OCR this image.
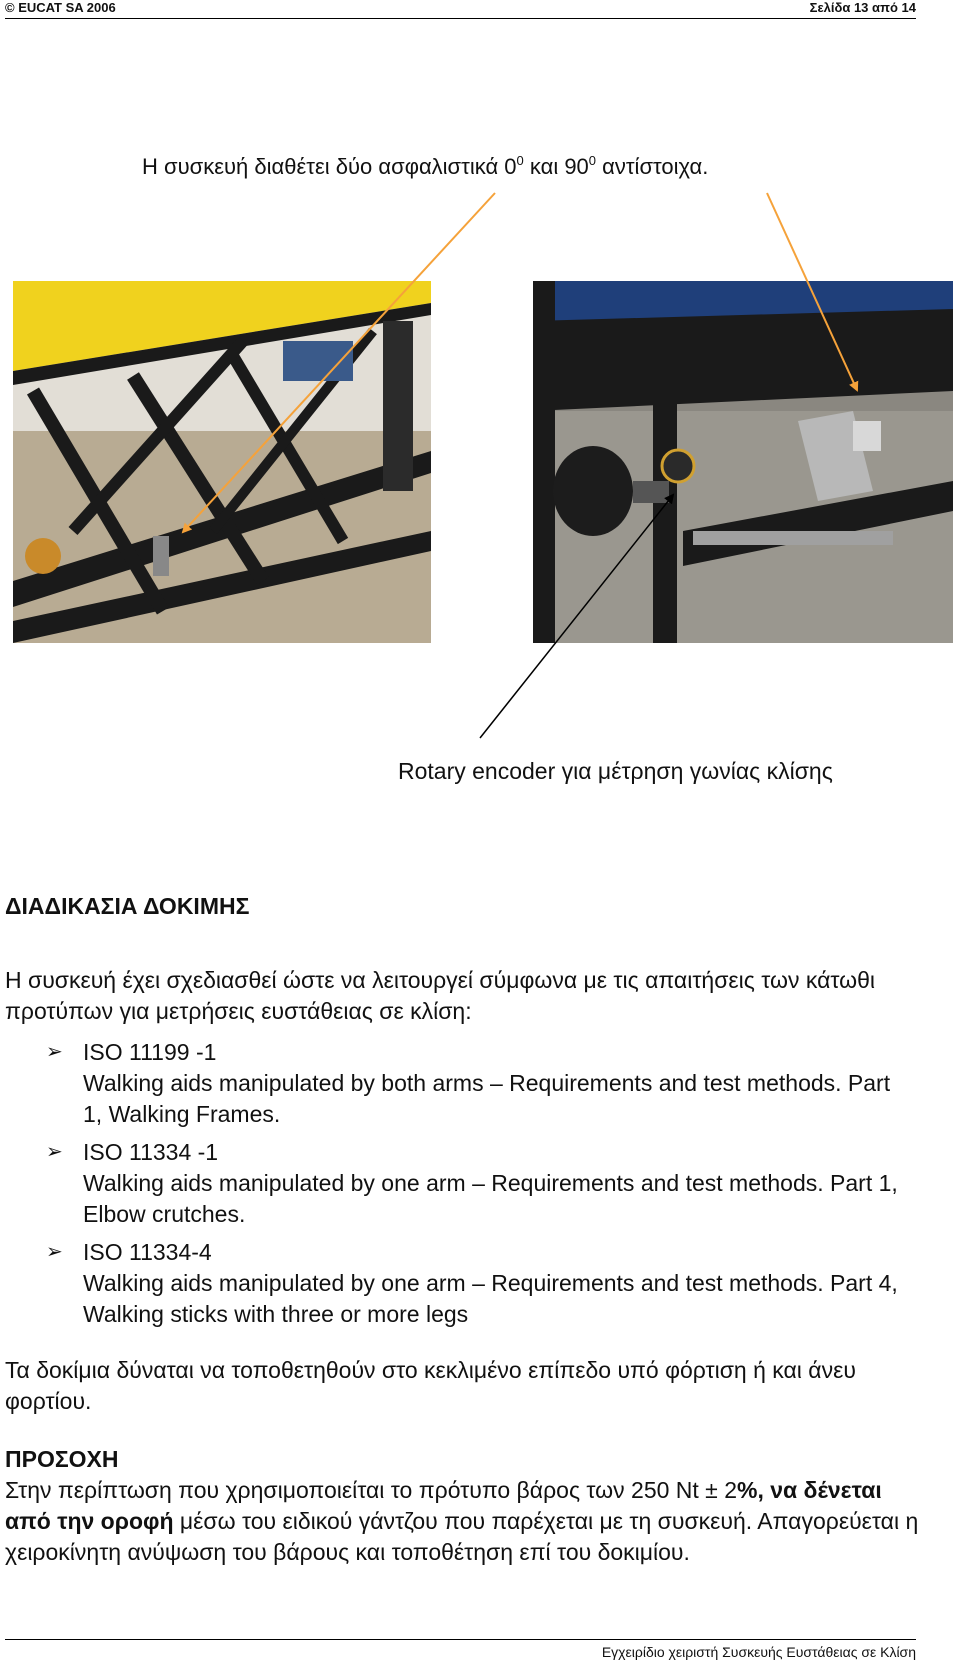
© EUCAT SA 2006	Σελίδα 13 από 14
Η συσκευή διαθέτει δύο ασφαλιστικά $0^0$ και $90^0$ αντίστοιχα.
Rotary encoder για μέτρηση γωνίας κλίσης
ΔΙΑΔΙΚΑΣΙΑ ΔΟΚΙΜΗΣ
Η συσκευή έχει σχεδιασθεί ώστε να λειτουργεί σύμφωνα με τις απαιτήσεις των κάτωθι προτύπων για μετρήσεις ευστάθειας σε κλίση:
➢ ISO 11199 -1
Walking aids manipulated by both arms – Requirements and test methods. Part 1, Walking Frames.
➢ ISO 11334 -1
Walking aids manipulated by one arm – Requirements and test methods. Part 1, Elbow crutches.
➢ ISO 11334-4
Walking aids manipulated by one arm – Requirements and test methods. Part 4, Walking sticks with three or more legs
Τα δοκίμια δύναται να τοποθετηθούν στο κεκλιμένο επίπεδο υπό φόρτιση ή και άνευ φορτίου.
ΠΡΟΣΟΧΗ
Στην περίπτωση που χρησιμοποιείται το πρότυπο βάρος των 250 Nt ± 2%, να δένεται από την οροφή μέσω του ειδικού γάντζου που παρέχεται με τη συσκευή. Απαγορεύεται η χειροκίνητη ανύψωση του βάρους και τοποθέτηση επί του δοκιμίου.
Εγχειρίδιο χειριστή Συσκευής Ευστάθειας σε Κλίση
